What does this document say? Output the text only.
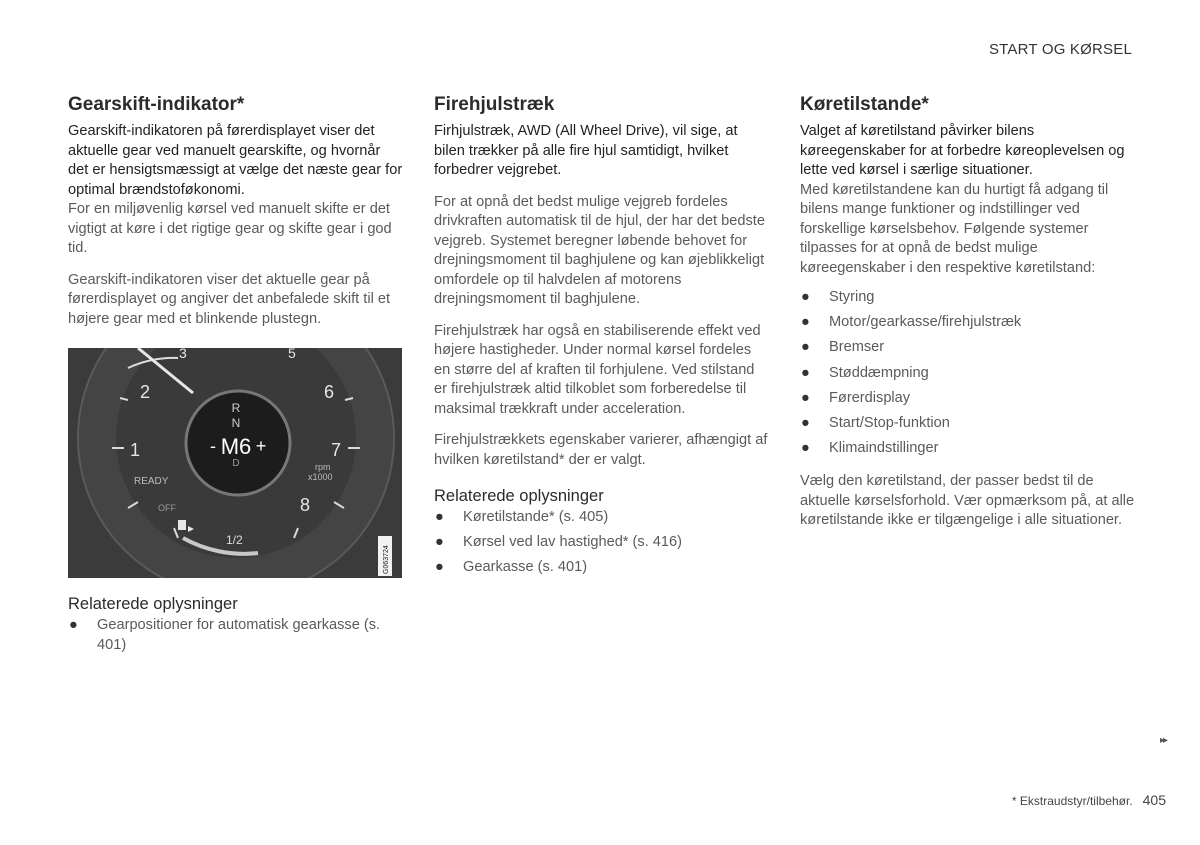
START OG KØRSEL
Gearskift-indikator*

Gearskift-indikatoren på førerdisplayet viser det aktuelle gear ved manuelt gearskifte, og hvornår det er hensigtsmæssigt at vælge det næste gear for optimal brændstoføkonomi.

For en miljøvenlig kørsel ved manuelt skifte er det vigtigt at køre i det rigtige gear og skifte gear i god tid.

Gearskift-indikatoren viser det aktuelle gear på førerdisplayet og angiver det anbefalede skift til et højere gear med et blinkende plustegn.

R
N
- M6 +
D
3	5
2	6
1	7
8
rpm
x1000
READY
OFF
1/2
G063724
Relaterede oplysninger
● Gearpositioner for automatisk gearkasse (s. 401)
Firehjulstræk

Firhjulstræk, AWD (All Wheel Drive), vil sige, at bilen trækker på alle fire hjul samtidigt, hvilket forbedrer vejgrebet.

For at opnå det bedst mulige vejgreb fordeles drivkraften automatisk til de hjul, der har det bedste vejgreb. Systemet beregner løbende behovet for drejningsmoment til baghjulene og kan øjeblikkeligt omfordele op til halvdelen af motorens drejningsmoment til baghjulene.

Firehjulstræk har også en stabiliserende effekt ved højere hastigheder. Under normal kørsel fordeles en større del af kraften til forhjulene. Ved stilstand er firehjulstræk altid tilkoblet som forberedelse til maksimal trækkraft under acceleration.

Firehjulstrækkets egenskaber varierer, afhængigt af hvilken køretilstand* der er valgt.

Relaterede oplysninger
● Køretilstande* (s. 405)
● Kørsel ved lav hastighed* (s. 416)
● Gearkasse (s. 401)
Køretilstande*

Valget af køretilstand påvirker bilens køreegenskaber for at forbedre køreoplevelsen og lette ved kørsel i særlige situationer.

Med køretilstandene kan du hurtigt få adgang til bilens mange funktioner og indstillinger ved forskellige kørselsbehov. Følgende systemer tilpasses for at opnå de bedst mulige køreegenskaber i den respektive køretilstand:

● Styring
● Motor/gearkasse/firehjulstræk
● Bremser
● Støddæmpning
● Førerdisplay
● Start/Stop-funktion
● Klimaindstillinger

Vælg den køretilstand, der passer bedst til de aktuelle kørselsforhold. Vær opmærksom på, at alle køretilstande ikke er tilgængelige i alle situationer.

▸▸
* Ekstraudstyr/tilbehør. 405
